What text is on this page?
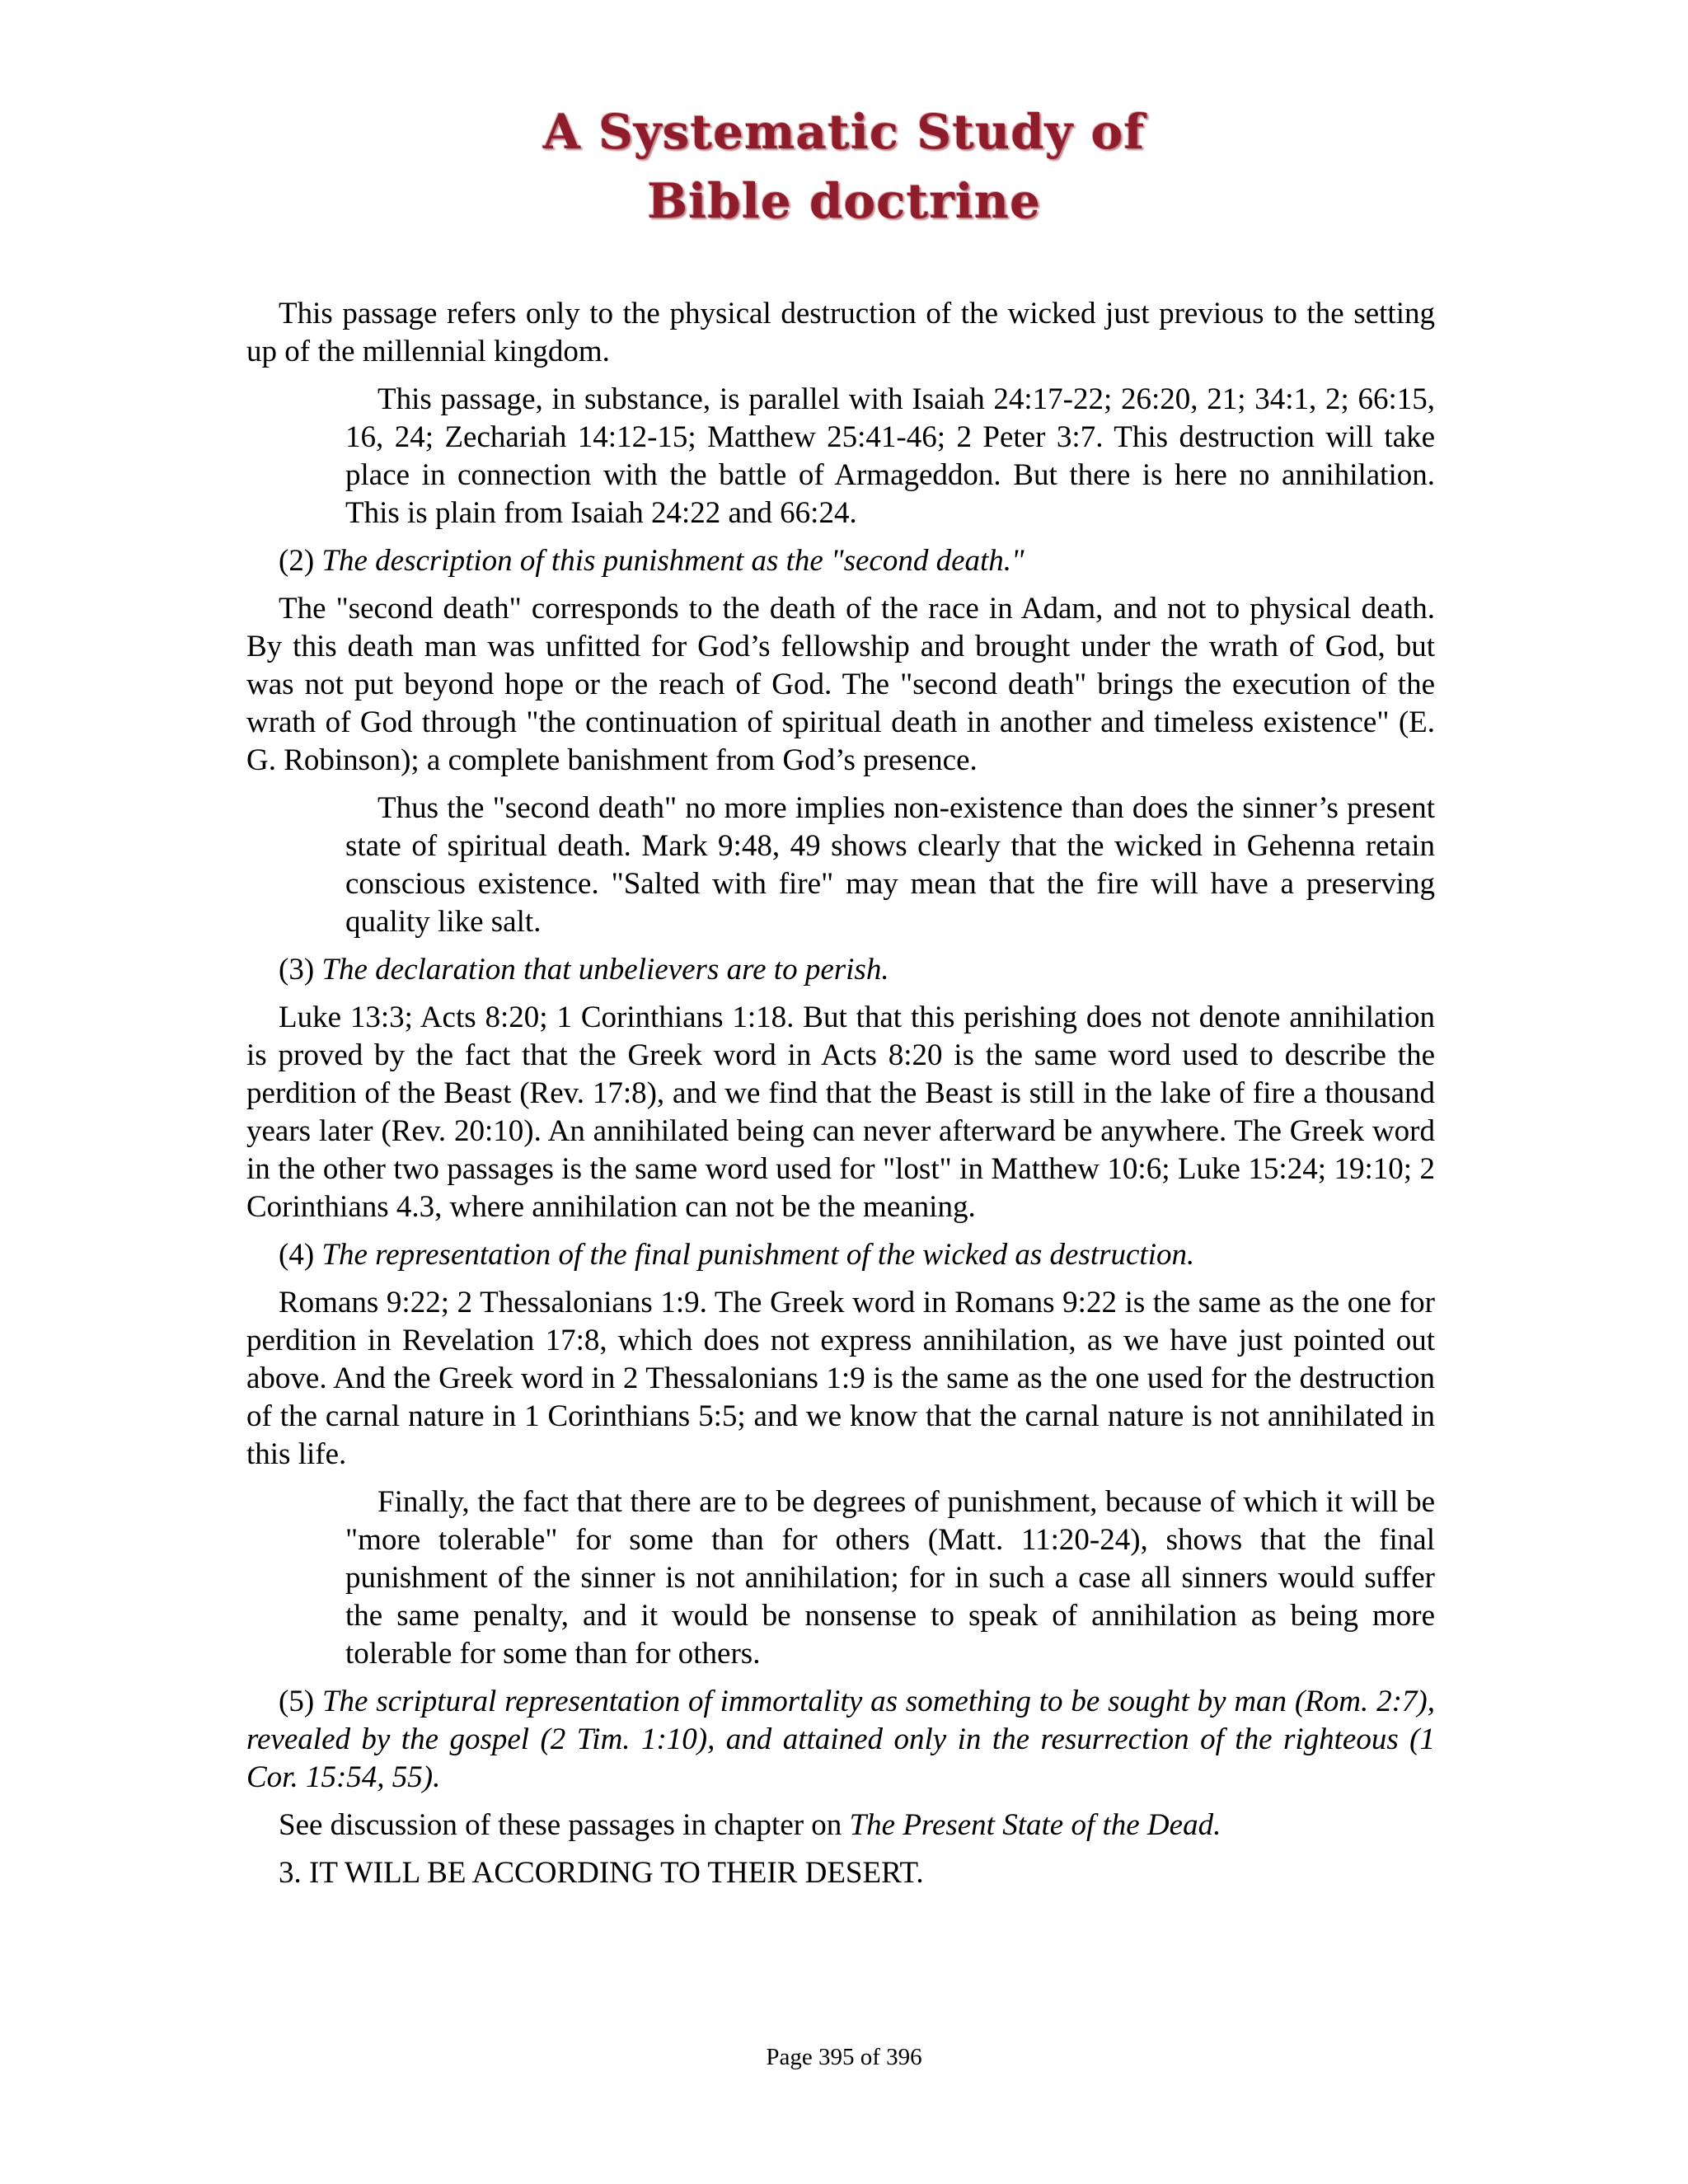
A Systematic Study of
Bible doctrine

This passage refers only to the physical destruction of the wicked just previous to the setting up of the millennial kingdom.

This passage, in substance, is parallel with Isaiah 24:17-22; 26:20, 21; 34:1, 2; 66:15, 16, 24; Zechariah 14:12-15; Matthew 25:41-46; 2 Peter 3:7. This destruction will take place in connection with the battle of Armageddon. But there is here no annihilation. This is plain from Isaiah 24:22 and 66:24.

(2) The description of this punishment as the "second death."

The "second death" corresponds to the death of the race in Adam, and not to physical death. By this death man was unfitted for God’s fellowship and brought under the wrath of God, but was not put beyond hope or the reach of God. The "second death" brings the execution of the wrath of God through "the continuation of spiritual death in another and timeless existence" (E. G. Robinson); a complete banishment from God’s presence.

Thus the "second death" no more implies non-existence than does the sinner’s present state of spiritual death. Mark 9:48, 49 shows clearly that the wicked in Gehenna retain conscious existence. "Salted with fire" may mean that the fire will have a preserving quality like salt.

(3) The declaration that unbelievers are to perish.

Luke 13:3; Acts 8:20; 1 Corinthians 1:18. But that this perishing does not denote annihilation is proved by the fact that the Greek word in Acts 8:20 is the same word used to describe the perdition of the Beast (Rev. 17:8), and we find that the Beast is still in the lake of fire a thousand years later (Rev. 20:10). An annihilated being can never afterward be anywhere. The Greek word in the other two passages is the same word used for "lost" in Matthew 10:6; Luke 15:24; 19:10; 2 Corinthians 4.3, where annihilation can not be the meaning.

(4) The representation of the final punishment of the wicked as destruction.

Romans 9:22; 2 Thessalonians 1:9. The Greek word in Romans 9:22 is the same as the one for perdition in Revelation 17:8, which does not express annihilation, as we have just pointed out above. And the Greek word in 2 Thessalonians 1:9 is the same as the one used for the destruction of the carnal nature in 1 Corinthians 5:5; and we know that the carnal nature is not annihilated in this life.

Finally, the fact that there are to be degrees of punishment, because of which it will be "more tolerable" for some than for others (Matt. 11:20-24), shows that the final punishment of the sinner is not annihilation; for in such a case all sinners would suffer the same penalty, and it would be nonsense to speak of annihilation as being more tolerable for some than for others.

(5) The scriptural representation of immortality as something to be sought by man (Rom. 2:7), revealed by the gospel (2 Tim. 1:10), and attained only in the resurrection of the righteous (1 Cor. 15:54, 55).

See discussion of these passages in chapter on The Present State of the Dead.

3. IT WILL BE ACCORDING TO THEIR DESERT.

Page 395 of 396
